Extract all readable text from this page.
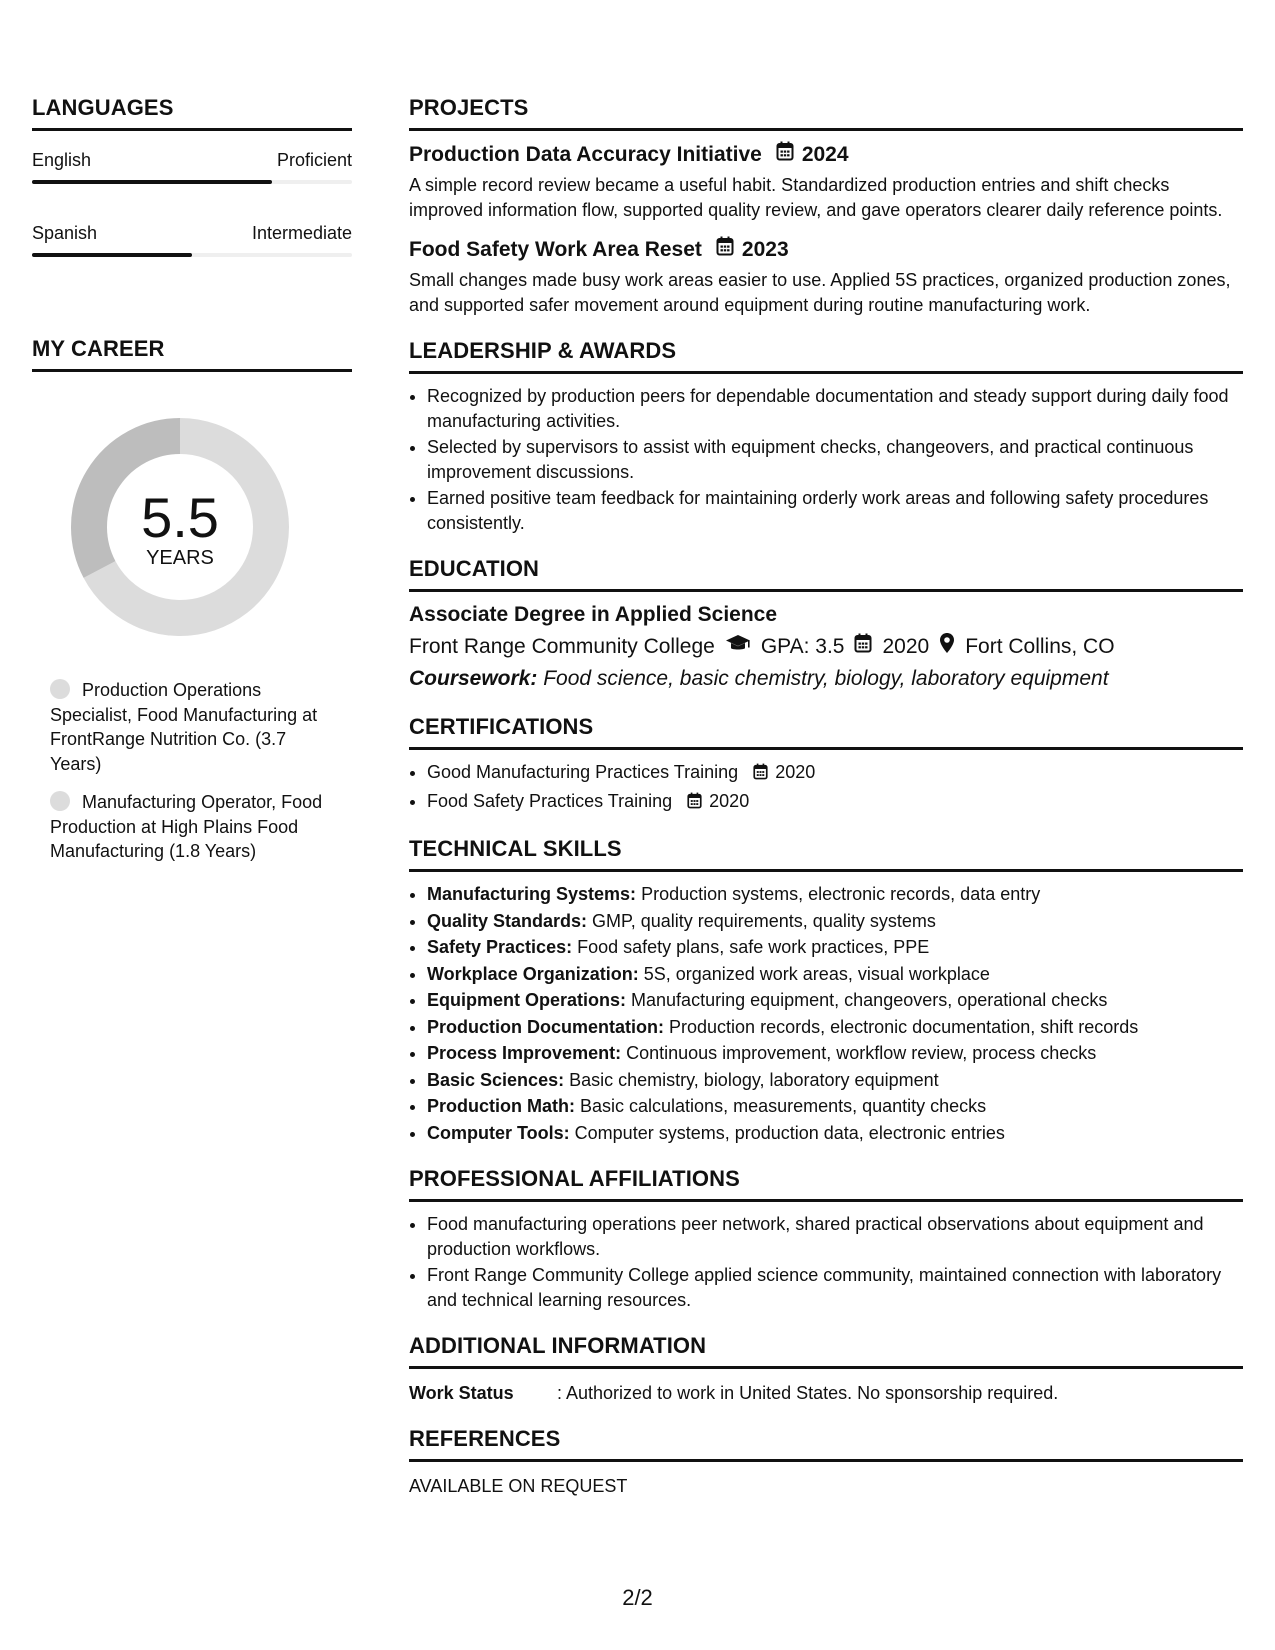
LANGUAGES
English	Proficient
Spanish	Intermediate
MY CAREER
5.5
YEARS
Production Operations Specialist, Food Manufacturing at FrontRange Nutrition Co. (3.7 Years)
Manufacturing Operator, Food Production at High Plains Food Manufacturing (1.8 Years)
PROJECTS
Production Data Accuracy Initiative 2024
A simple record review became a useful habit. Standardized production entries and shift checks improved information flow, supported quality review, and gave operators clearer daily reference points.
Food Safety Work Area Reset 2023
Small changes made busy work areas easier to use. Applied 5S practices, organized production zones, and supported safer movement around equipment during routine manufacturing work.
LEADERSHIP & AWARDS
• Recognized by production peers for dependable documentation and steady support during daily food manufacturing activities.
• Selected by supervisors to assist with equipment checks, changeovers, and practical continuous improvement discussions.
• Earned positive team feedback for maintaining orderly work areas and following safety procedures consistently.
EDUCATION
Associate Degree in Applied Science
Front Range Community College GPA: 3.5 2020 Fort Collins, CO
Coursework: Food science, basic chemistry, biology, laboratory equipment
CERTIFICATIONS
• Good Manufacturing Practices Training 2020
• Food Safety Practices Training 2020
TECHNICAL SKILLS
• Manufacturing Systems: Production systems, electronic records, data entry
• Quality Standards: GMP, quality requirements, quality systems
• Safety Practices: Food safety plans, safe work practices, PPE
• Workplace Organization: 5S, organized work areas, visual workplace
• Equipment Operations: Manufacturing equipment, changeovers, operational checks
• Production Documentation: Production records, electronic documentation, shift records
• Process Improvement: Continuous improvement, workflow review, process checks
• Basic Sciences: Basic chemistry, biology, laboratory equipment
• Production Math: Basic calculations, measurements, quantity checks
• Computer Tools: Computer systems, production data, electronic entries
PROFESSIONAL AFFILIATIONS
• Food manufacturing operations peer network, shared practical observations about equipment and production workflows.
• Front Range Community College applied science community, maintained connection with laboratory and technical learning resources.
ADDITIONAL INFORMATION
Work Status	: Authorized to work in United States. No sponsorship required.
REFERENCES
AVAILABLE ON REQUEST
2/2
